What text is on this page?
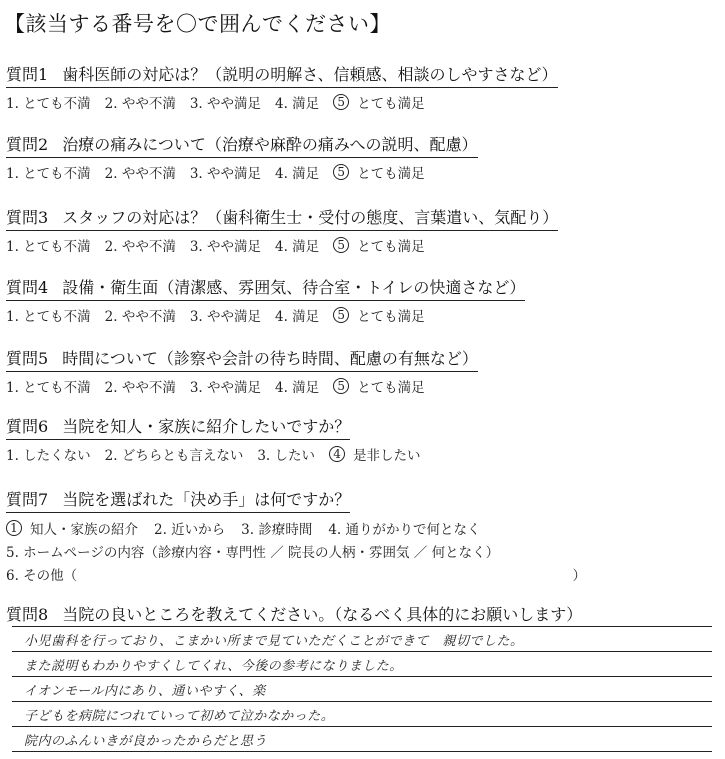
【該当する番号を〇で囲んでください】
質問1 歯科医師の対応は？（説明の明解さ、信頼感、相談のしやすさなど）
1. とても不満 2. やや不満 3. やや満足 4. 満足	5 とても満足
質問2 治療の痛みについて（治療や麻酔の痛みへの説明、配慮）
1. とても不満 2. やや不満 3. やや満足 4. 満足	5 とても満足
質問3 スタッフの対応は？（歯科衛生士・受付の態度、言葉遣い、気配り）
1. とても不満 2. やや不満 3. やや満足 4. 満足	5 とても満足
質問4 設備・衛生面（清潔感、雰囲気、待合室・トイレの快適さなど）
1. とても不満 2. やや不満 3. やや満足 4. 満足	5 とても満足
質問5 時間について（診察や会計の待ち時間、配慮の有無など）
1. とても不満 2. やや不満 3. やや満足 4. 満足	5 とても満足
質問6 当院を知人・家族に紹介したいですか？
1. したくない 2. どちらとも言えない 3. したい	4 是非したい
質問7 当院を選ばれた「決め手」は何ですか？
1 知人・家族の紹介 2. 近いから 3. 診療時間 4. 通りがかりで何となく
5. ホームページの内容（診療内容・専門性 ／ 院長の人柄・雰囲気 ／ 何となく）
6. その他（	）
質問8 当院の良いところを教えてください。（なるべく具体的にお願いします）
小児歯科を行っており、こまかい所まで見ていただくことができて　親切でした。
また説明もわかりやすくしてくれ、今後の参考になりました。
イオンモール内にあり、通いやすく、楽
子どもを病院につれていって初めて泣かなかった。
院内のふんいきが良かったからだと思う
